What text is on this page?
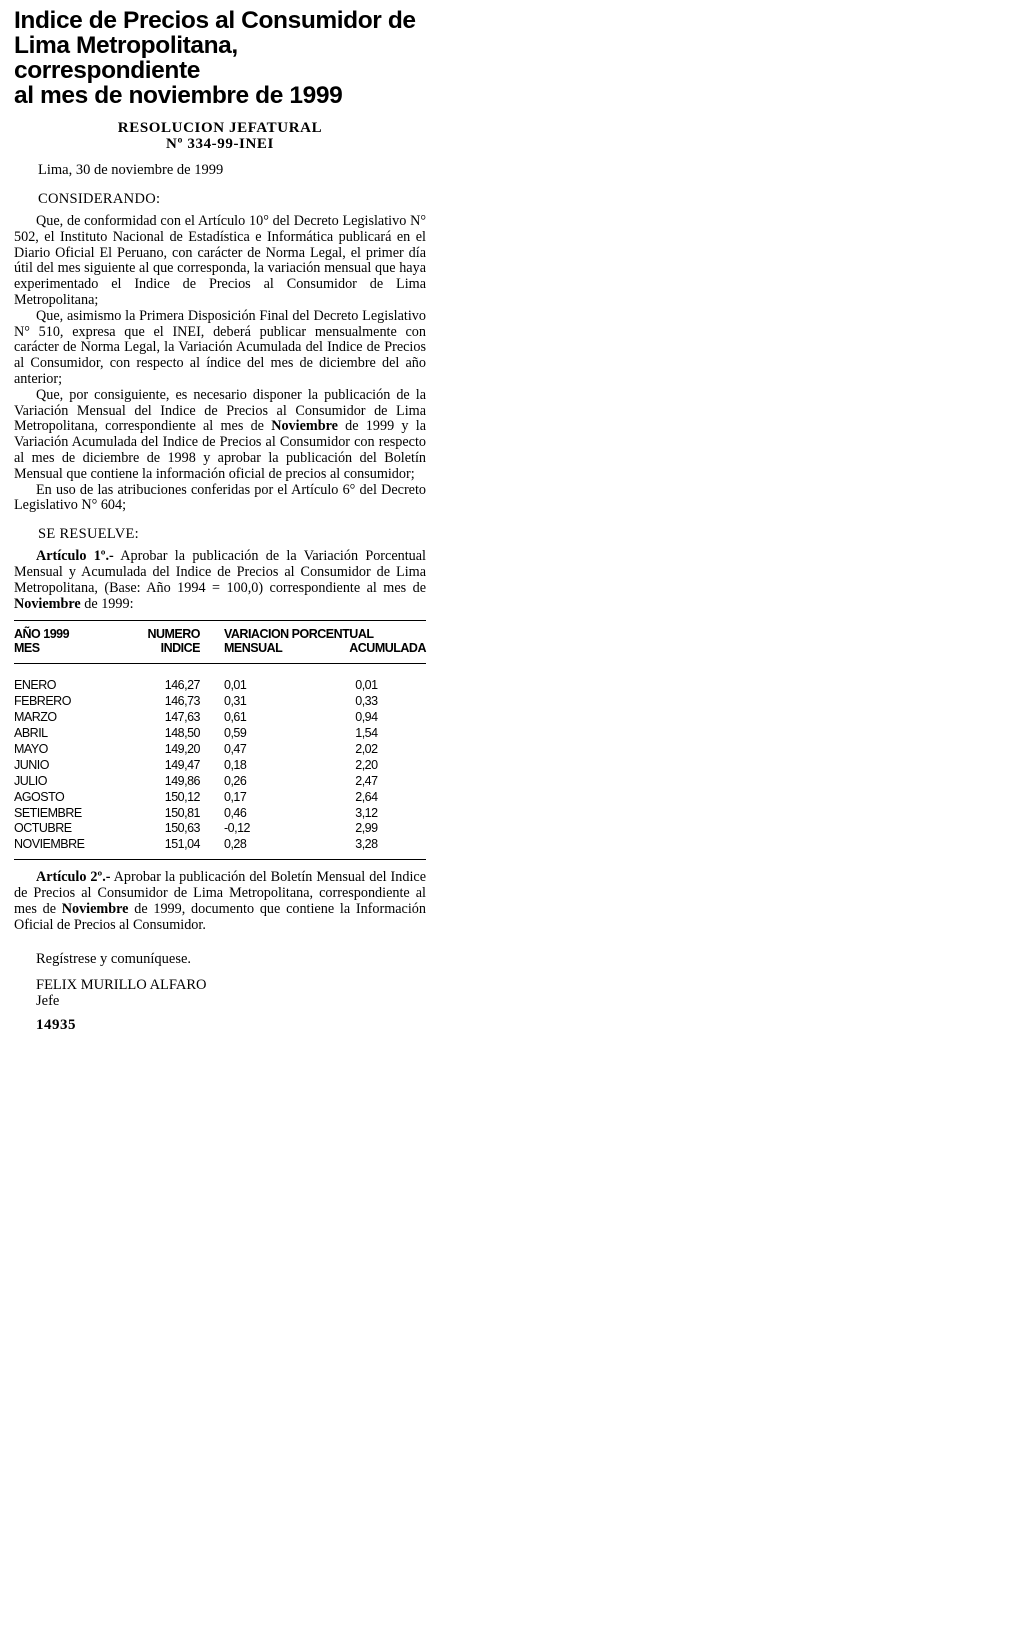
Indice de Precios al Consumidor de
Lima Metropolitana, correspondiente
al mes de noviembre de 1999
RESOLUCION JEFATURAL
Nº 334-99-INEI
Lima, 30 de noviembre de 1999
CONSIDERANDO:

Que, de conformidad con el Artículo 10° del Decreto Legislativo N° 502, el Instituto Nacional de Estadística e Informática publicará en el Diario Oficial El Peruano, con carácter de Norma Legal, el primer día útil del mes siguiente al que corresponda, la variación mensual que haya experimentado el Indice de Precios al Consumidor de Lima Metropolitana;

Que, asimismo la Primera Disposición Final del Decreto Legislativo N° 510, expresa que el INEI, deberá publicar mensualmente con carácter de Norma Legal, la Variación Acumulada del Indice de Precios al Consumidor, con respecto al índice del mes de diciembre del año anterior;

Que, por consiguiente, es necesario disponer la publicación de la Variación Mensual del Indice de Precios al Consumidor de Lima Metropolitana, correspondiente al mes de Noviembre de 1999 y la Variación Acumulada del Indice de Precios al Consumidor con respecto al mes de diciembre de 1998 y aprobar la publicación del Boletín Mensual que contiene la información oficial de precios al consumidor;

En uso de las atribuciones conferidas por el Artículo 6° del Decreto Legislativo N° 604;

SE RESUELVE:

Artículo 1º.- Aprobar la publicación de la Variación Porcentual Mensual y Acumulada del Indice de Precios al Consumidor de Lima Metropolitana, (Base: Año 1994 = 100,0) correspondiente al mes de Noviembre de 1999:

AÑO 1999	NUMERO	VARIACION PORCENTUAL	
MES	INDICE	MENSUAL	ACUMULADA

ENERO	146,27	0,01	0,01
FEBRERO	146,73	0,31	0,33
MARZO	147,63	0,61	0,94
ABRIL	148,50	0,59	1,54
MAYO	149,20	0,47	2,02
JUNIO	149,47	0,18	2,20
JULIO	149,86	0,26	2,47
AGOSTO	150,12	0,17	2,64
SETIEMBRE	150,81	0,46	3,12
OCTUBRE	150,63	-0,12	2,99
NOVIEMBRE	151,04	0,28	3,28

Artículo 2º.- Aprobar la publicación del Boletín Mensual del Indice de Precios al Consumidor de Lima Metropolitana, correspondiente al mes de Noviembre de 1999, documento que contiene la Información Oficial de Precios al Consumidor.

Regístrese y comuníquese.
FELIX MURILLO ALFARO
Jefe
14935
